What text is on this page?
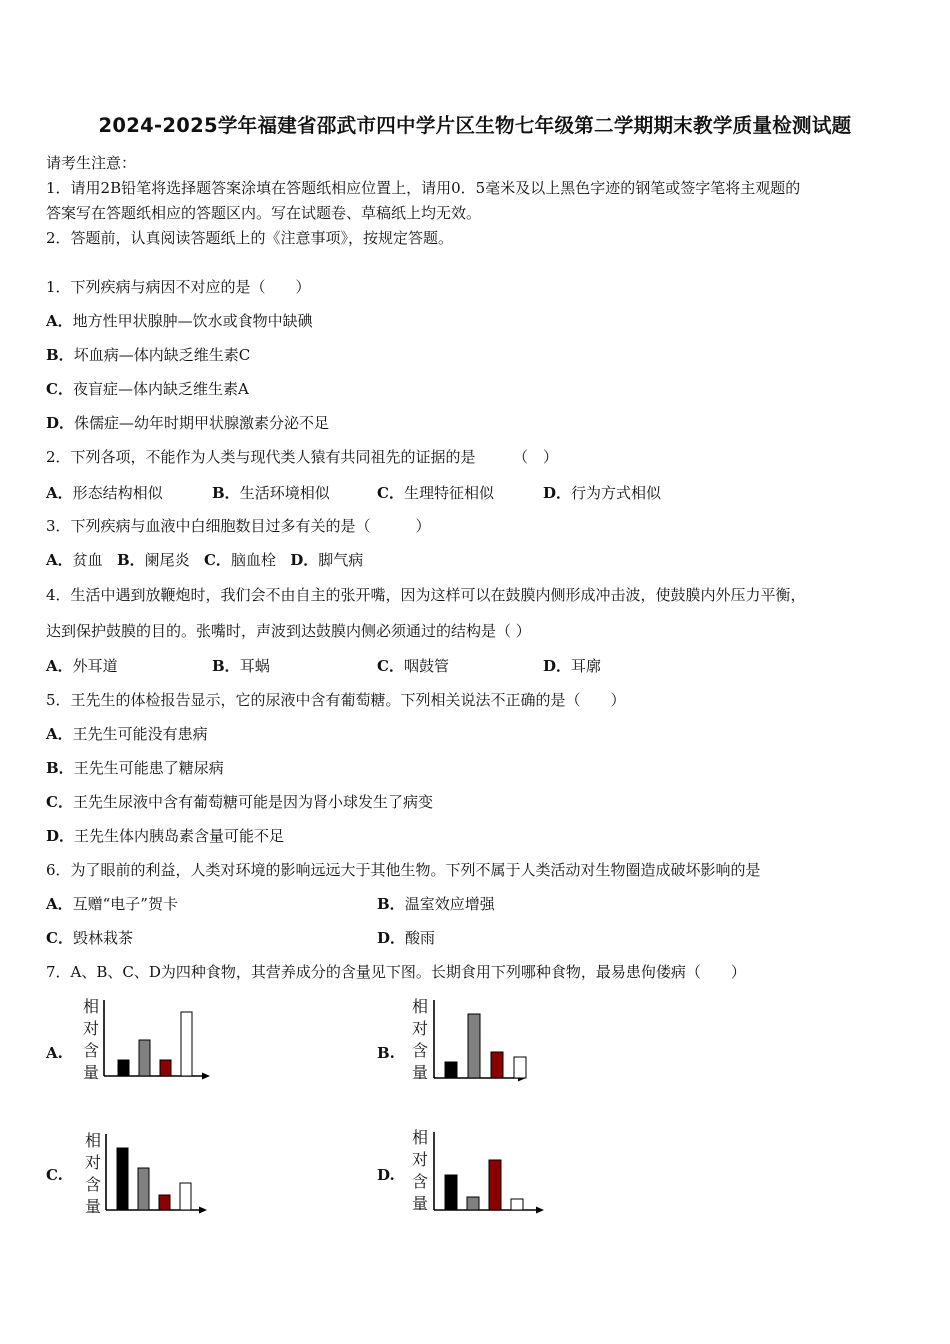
2024-2025学年福建省邵武市四中学片区生物七年级第二学期期末教学质量检测试题
请考生注意：
1．请用2B铅笔将选择题答案涂填在答题纸相应位置上，请用0．5毫米及以上黑色字迹的钢笔或签字笔将主观题的
答案写在答题纸相应的答题区内。写在试题卷、草稿纸上均无效。
2．答题前，认真阅读答题纸上的《注意事项》，按规定答题。
1．下列疾病与病因不对应的是（　　）
A．地方性甲状腺肿—饮水或食物中缺碘
B．坏血病—体内缺乏维生素C
C．夜盲症—体内缺乏维生素A
D．侏儒症—幼年时期甲状腺激素分泌不足
2．下列各项，不能作为人类与现代类人猿有共同祖先的证据的是　　　（　）
A．形态结构相似	B．生活环境相似	C．生理特征相似	D．行为方式相似
3．下列疾病与血液中白细胞数目过多有关的是（　　　）
A．贫血 B．阑尾炎 C．脑血栓 D．脚气病
4．生活中遇到放鞭炮时，我们会不由自主的张开嘴，因为这样可以在鼓膜内侧形成冲击波，使鼓膜内外压力平衡，
达到保护鼓膜的目的。张嘴时，声波到达鼓膜内侧必须通过的结构是（ ）
A．外耳道	B．耳蜗	C．咽鼓管	D．耳廓
5．王先生的体检报告显示，它的尿液中含有葡萄糖。下列相关说法不正确的是（　　）
A．王先生可能没有患病
B．王先生可能患了糖尿病
C．王先生尿液中含有葡萄糖可能是因为肾小球发生了病变
D．王先生体内胰岛素含量可能不足
6．为了眼前的利益，人类对环境的影响远远大于其他生物。下列不属于人类活动对生物圈造成破坏影响的是
A．互赠“电子”贺卡	B．温室效应增强
C．毁林栽茶	D．酸雨
7．A、B、C、D为四种食物，其营养成分的含量见下图。长期食用下列哪种食物，最易患佝偻病（　　）
A.
相
对
含
量
B.
相
对
含
量
C.
相
对
含
量
D.
相
对
含
量
